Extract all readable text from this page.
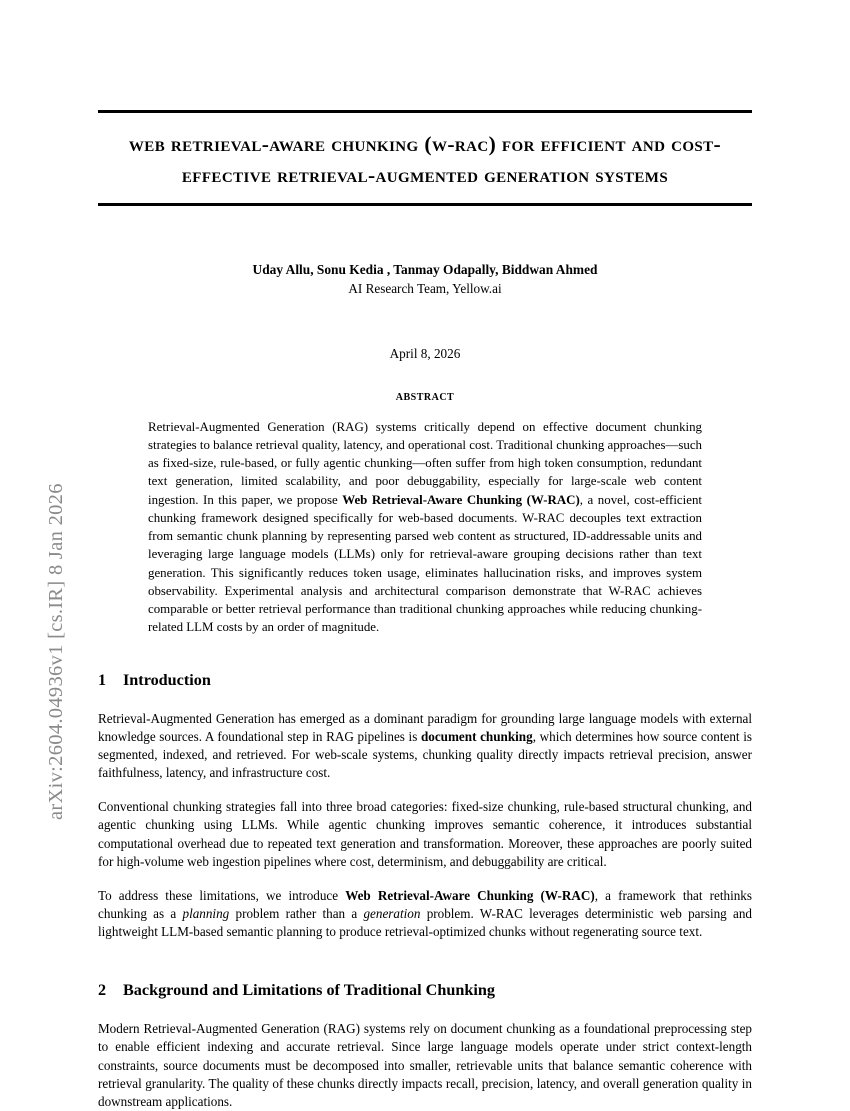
arXiv:2604.04936v1 [cs.IR] 8 Jan 2026
web retrieval-aware chunking (w-rac) for efficient and cost-effective retrieval-augmented generation systems
Uday Allu, Sonu Kedia , Tanmay Odapally, Biddwan Ahmed
AI Research Team, Yellow.ai
April 8, 2026
abstract
Retrieval-Augmented Generation (RAG) systems critically depend on effective document chunking strategies to balance retrieval quality, latency, and operational cost. Traditional chunking approaches—such as fixed-size, rule-based, or fully agentic chunking—often suffer from high token consumption, redundant text generation, limited scalability, and poor debuggability, especially for large-scale web content ingestion. In this paper, we propose Web Retrieval-Aware Chunking (W-RAC), a novel, cost-efficient chunking framework designed specifically for web-based documents. W-RAC decouples text extraction from semantic chunk planning by representing parsed web content as structured, ID-addressable units and leveraging large language models (LLMs) only for retrieval-aware grouping decisions rather than text generation. This significantly reduces token usage, eliminates hallucination risks, and improves system observability. Experimental analysis and architectural comparison demonstrate that W-RAC achieves comparable or better retrieval performance than traditional chunking approaches while reducing chunking-related LLM costs by an order of magnitude.
1 Introduction

Retrieval-Augmented Generation has emerged as a dominant paradigm for grounding large language models with external knowledge sources. A foundational step in RAG pipelines is document chunking, which determines how source content is segmented, indexed, and retrieved. For web-scale systems, chunking quality directly impacts retrieval precision, answer faithfulness, latency, and infrastructure cost.

Conventional chunking strategies fall into three broad categories: fixed-size chunking, rule-based structural chunking, and agentic chunking using LLMs. While agentic chunking improves semantic coherence, it introduces substantial computational overhead due to repeated text generation and transformation. Moreover, these approaches are poorly suited for high-volume web ingestion pipelines where cost, determinism, and debuggability are critical.

To address these limitations, we introduce Web Retrieval-Aware Chunking (W-RAC), a framework that rethinks chunking as a planning problem rather than a generation problem. W-RAC leverages deterministic web parsing and lightweight LLM-based semantic planning to produce retrieval-optimized chunks without regenerating source text.

2 Background and Limitations of Traditional Chunking

Modern Retrieval-Augmented Generation (RAG) systems rely on document chunking as a foundational preprocessing step to enable efficient indexing and accurate retrieval. Since large language models operate under strict context-length constraints, source documents must be decomposed into smaller, retrievable units that balance semantic coherence with retrieval granularity. The quality of these chunks directly impacts recall, precision, latency, and overall generation quality in downstream applications.
